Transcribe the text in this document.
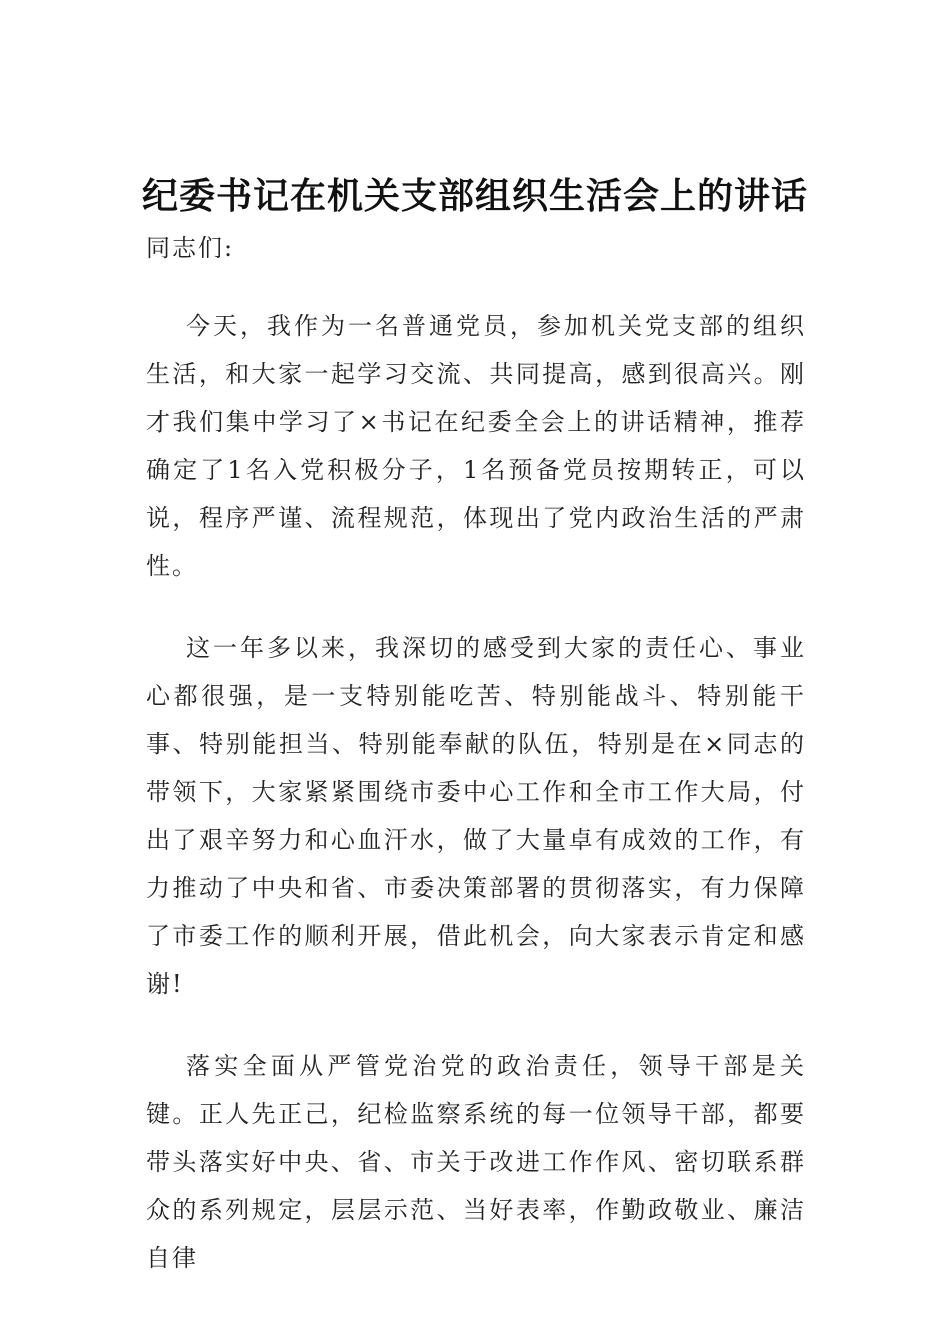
纪委书记在机关支部组织生活会上的讲话

同志们:

今天，我作为一名普通党员，参加机关党支部的组织生活，和大家一起学习交流、共同提高，感到很高兴。刚才我们集中学习了×书记在纪委全会上的讲话精神，推荐确定了1名入党积极分子，1名预备党员按期转正，可以说，程序严谨、流程规范，体现出了党内政治生活的严肃性。

这一年多以来，我深切的感受到大家的责任心、事业心都很强，是一支特别能吃苦、特别能战斗、特别能干事、特别能担当、特别能奉献的队伍，特别是在×同志的带领下，大家紧紧围绕市委中心工作和全市工作大局，付出了艰辛努力和心血汗水，做了大量卓有成效的工作，有力推动了中央和省、市委决策部署的贯彻落实，有力保障了市委工作的顺利开展，借此机会，向大家表示肯定和感谢!

落实全面从严管党治党的政治责任，领导干部是关键。正人先正己，纪检监察系统的每一位领导干部，都要带头落实好中央、省、市关于改进工作作风、密切联系群众的系列规定，层层示范、当好表率，作勤政敬业、廉洁自律
